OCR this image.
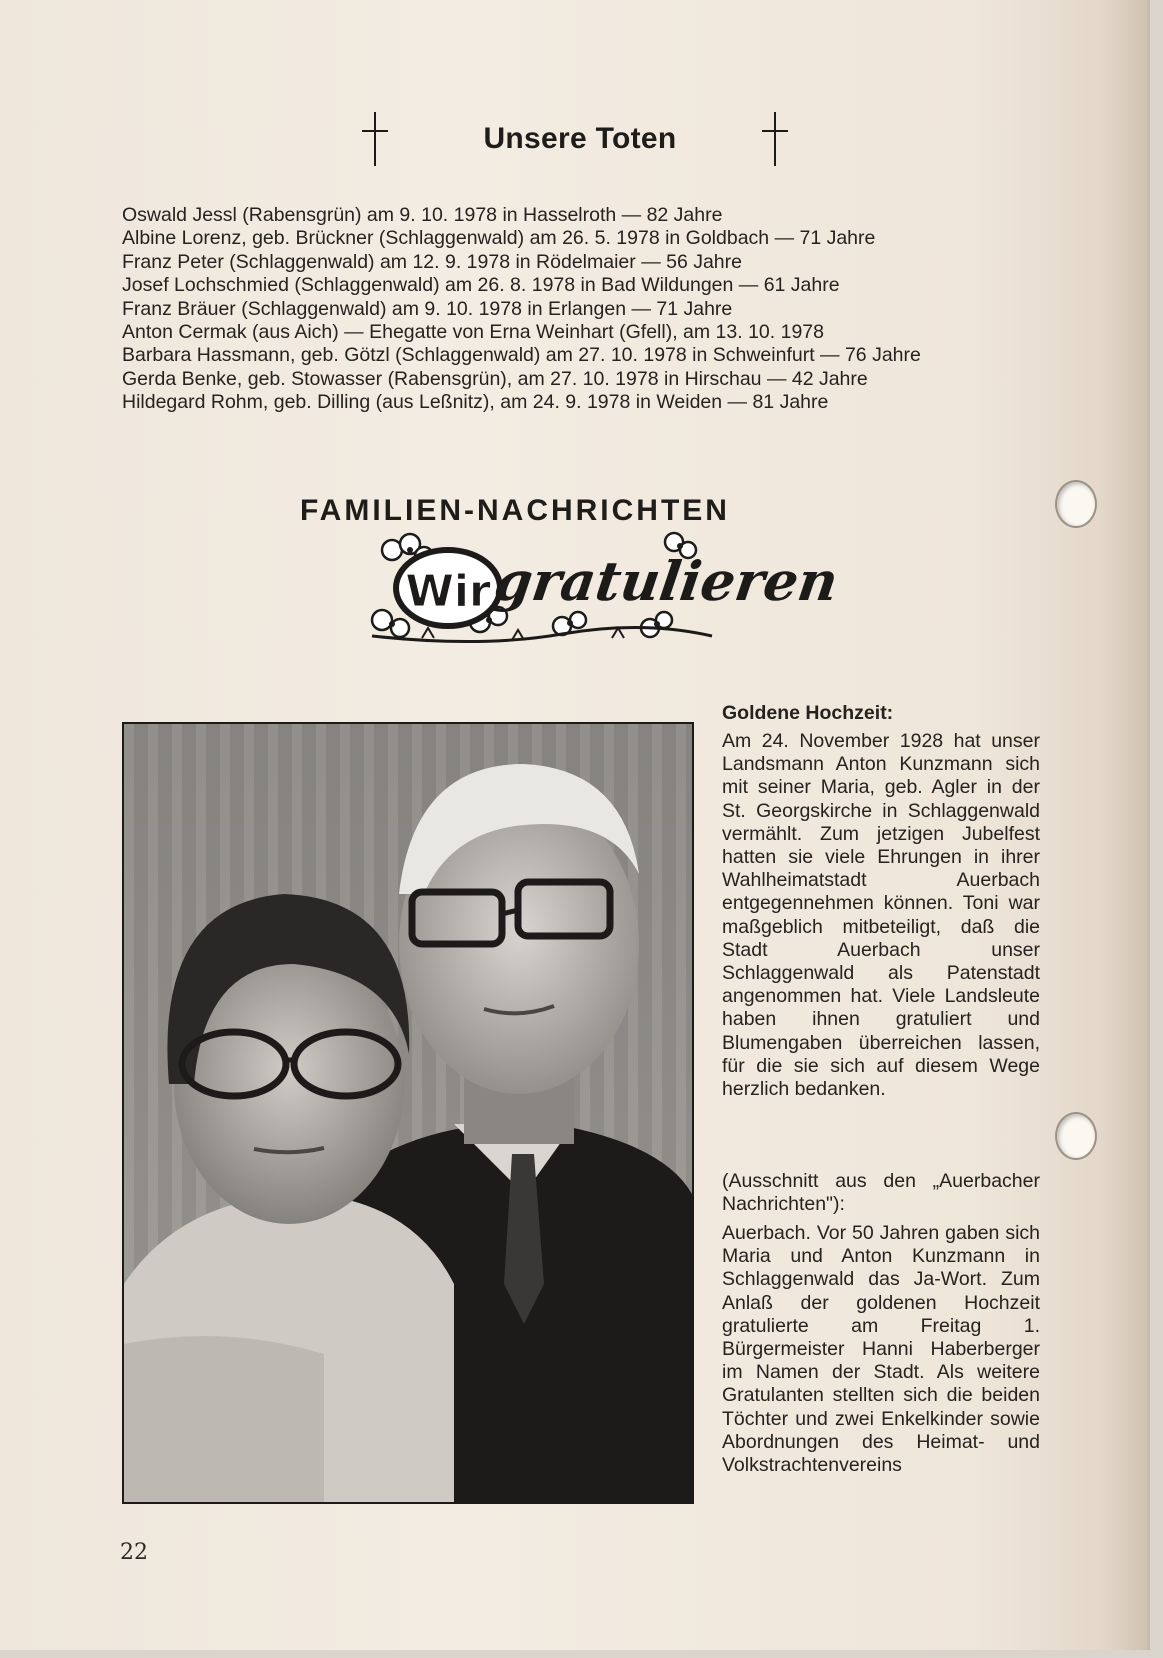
Unsere Toten
Oswald Jessl (Rabensgrün) am 9. 10. 1978 in Hasselroth — 82 Jahre
Albine Lorenz, geb. Brückner (Schlaggenwald) am 26. 5. 1978 in Goldbach — 71 Jahre
Franz Peter (Schlaggenwald) am 12. 9. 1978 in Rödelmaier — 56 Jahre
Josef Lochschmied (Schlaggenwald) am 26. 8. 1978 in Bad Wildungen — 61 Jahre
Franz Bräuer (Schlaggenwald) am 9. 10. 1978 in Erlangen — 71 Jahre
Anton Cermak (aus Aich) — Ehegatte von Erna Weinhart (Gfell), am 13. 10. 1978
Barbara Hassmann, geb. Götzl (Schlaggenwald) am 27. 10. 1978 in Schweinfurt — 76 Jahre
Gerda Benke, geb. Stowasser (Rabensgrün), am 27. 10. 1978 in Hirschau — 42 Jahre
Hildegard Rohm, geb. Dilling (aus Leßnitz), am 24. 9. 1978 in Weiden — 81 Jahre
FAMILIEN-NACHRICHTEN
Wir gratulieren
Goldene Hochzeit:

Am 24. November 1928 hat unser Landsmann Anton Kunzmann sich mit seiner Maria, geb. Agler in der St. Georgskirche in Schlaggenwald vermählt. Zum jetzigen Jubelfest hatten sie viele Ehrungen in ihrer Wahlheimatstadt Auerbach entgegennehmen können. Toni war maßgeblich mitbeteiligt, daß die Stadt Auerbach unser Schlaggenwald als Patenstadt angenommen hat. Viele Landsleute haben ihnen gratuliert und Blumengaben überreichen lassen, für die sie sich auf diesem Wege herzlich bedanken.

(Ausschnitt aus den „Auerbacher Nachrichten"):

Auerbach. Vor 50 Jahren gaben sich Maria und Anton Kunzmann in Schlaggenwald das Ja-Wort. Zum Anlaß der goldenen Hochzeit gratulierte am Freitag 1. Bürgermeister Hanni Haberberger im Namen der Stadt. Als weitere Gratulanten stellten sich die beiden Töchter und zwei Enkelkinder sowie Abordnungen des Heimat- und Volkstrachtenvereins

22
